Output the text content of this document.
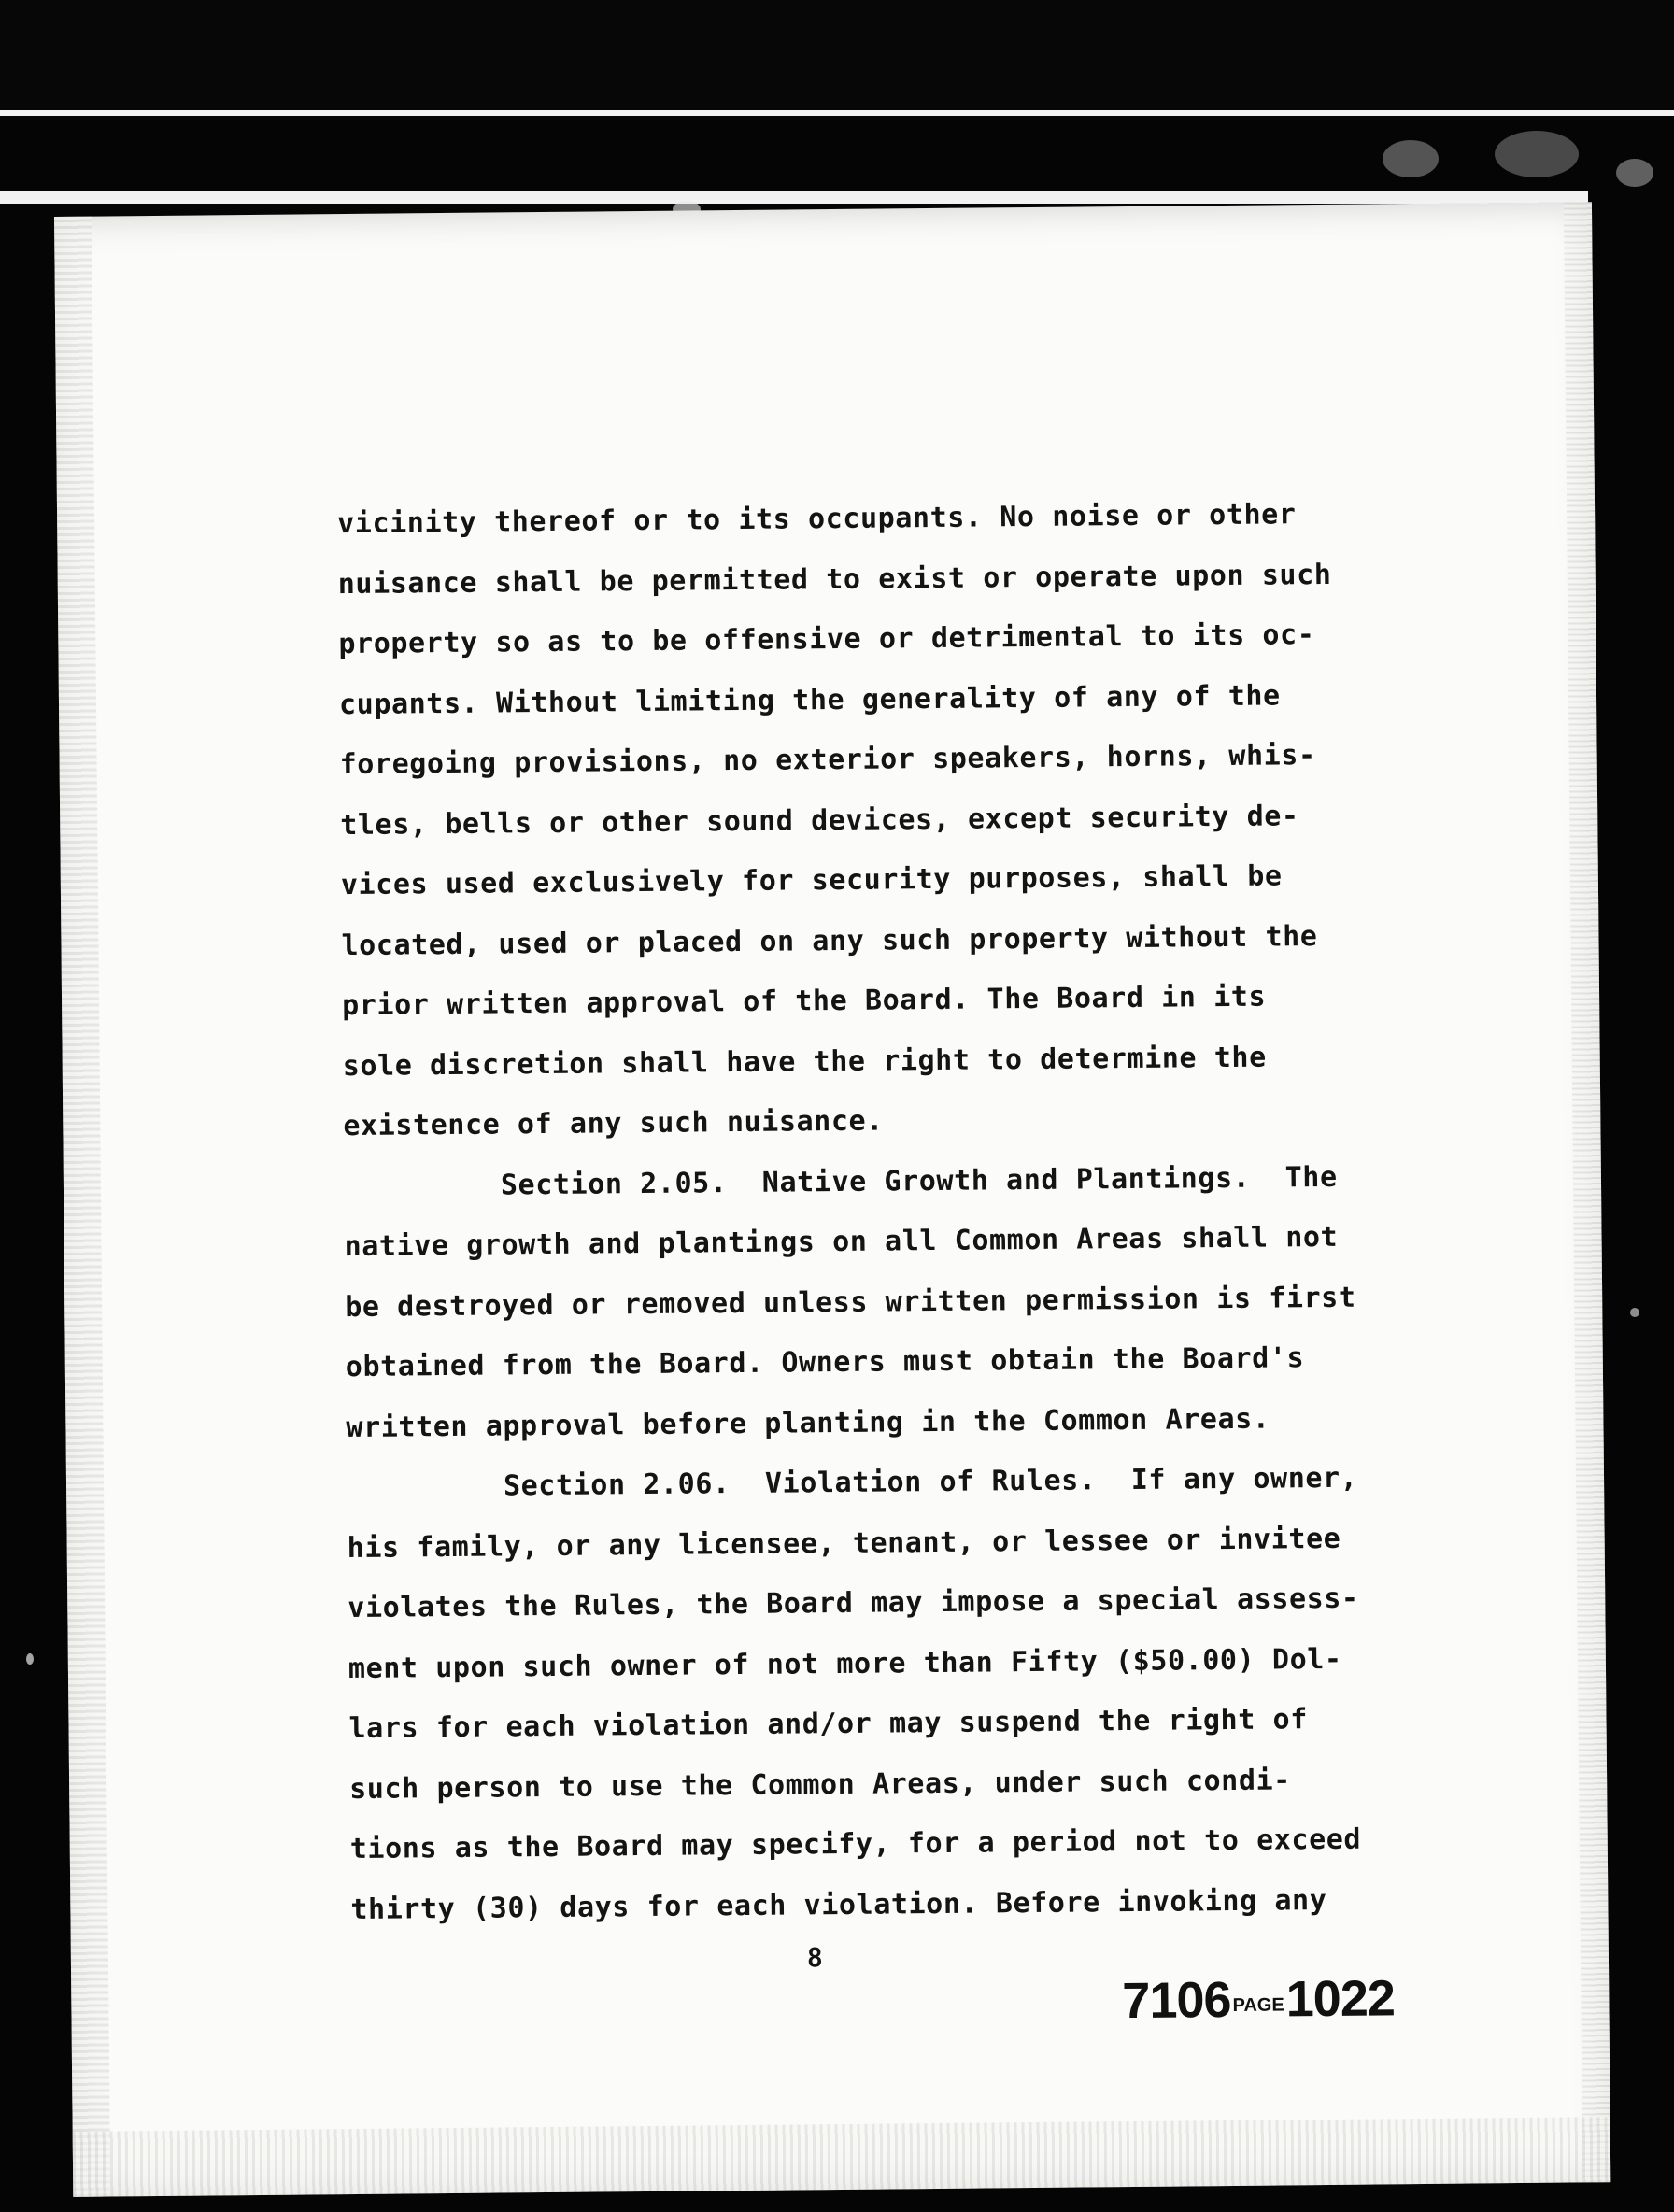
vicinity thereof or to its occupants. No noise or other
nuisance shall be permitted to exist or operate upon such
property so as to be offensive or detrimental to its oc-
cupants. Without limiting the generality of any of the
foregoing provisions, no exterior speakers, horns, whis-
tles, bells or other sound devices, except security de-
vices used exclusively for security purposes, shall be
located, used or placed on any such property without the
prior written approval of the Board. The Board in its
sole discretion shall have the right to determine the
existence of any such nuisance.
Section 2.05.  Native Growth and Plantings.  The
native growth and plantings on all Common Areas shall not
be destroyed or removed unless written permission is first
obtained from the Board. Owners must obtain the Board's
written approval before planting in the Common Areas.
Section 2.06.  Violation of Rules.  If any owner,
his family, or any licensee, tenant, or lessee or invitee
violates the Rules, the Board may impose a special assess-
ment upon such owner of not more than Fifty ($50.00) Dol-
lars for each violation and/or may suspend the right of
such person to use the Common Areas, under such condi-
tions as the Board may specify, for a period not to exceed
thirty (30) days for each violation. Before invoking any
8
7106PAGE1022
